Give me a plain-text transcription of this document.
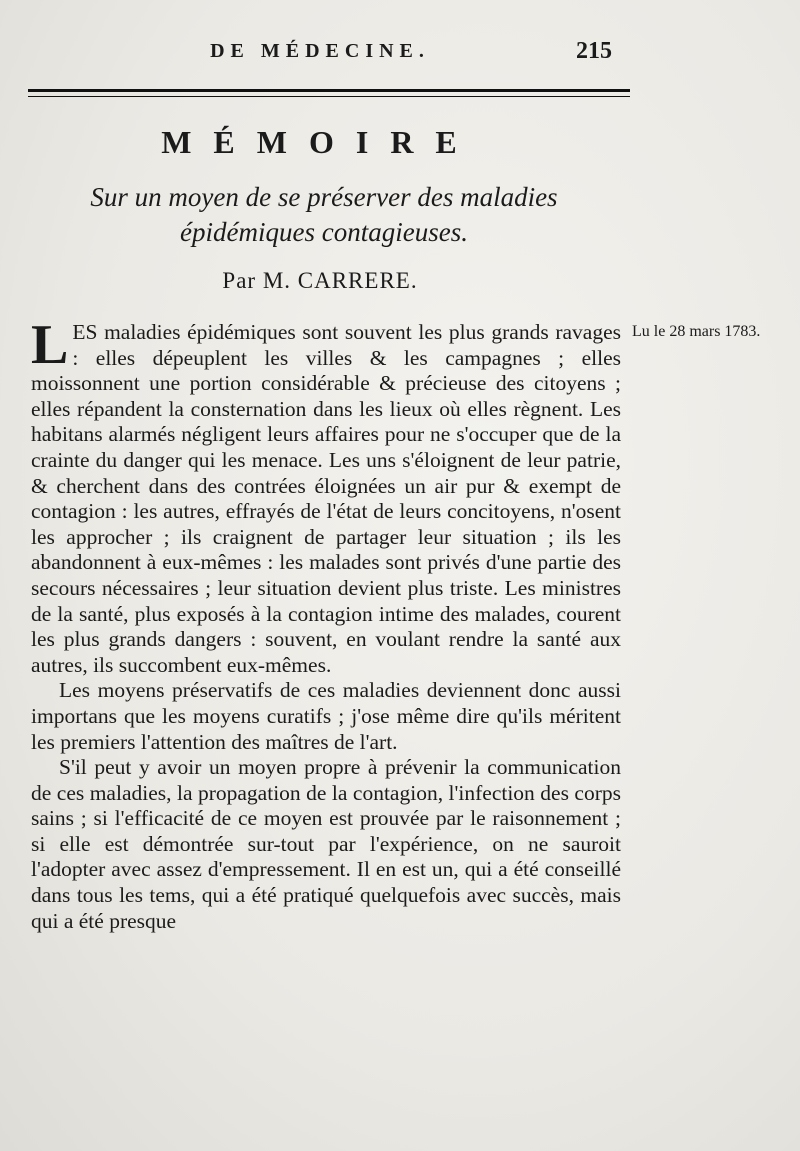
DE MÉDECINE.	215
MÉMOIRE
Sur un moyen de se préserver des maladies épidémiques contagieuses.
Par M. CARRERE.
Lu le 28 mars 1783.

LES maladies épidémiques sont souvent les plus grands ravages : elles dépeuplent les villes & les campagnes ; elles moissonnent une portion considérable & précieuse des citoyens ; elles répandent la consternation dans les lieux où elles règnent. Les habitans alarmés négligent leurs affaires pour ne s'occuper que de la crainte du danger qui les menace. Les uns s'éloignent de leur patrie, & cherchent dans des contrées éloignées un air pur & exempt de contagion : les autres, effrayés de l'état de leurs concitoyens, n'osent les approcher ; ils craignent de partager leur situation ; ils les abandonnent à eux-mêmes : les malades sont privés d'une partie des secours nécessaires ; leur situation devient plus triste. Les ministres de la santé, plus exposés à la contagion intime des malades, courent les plus grands dangers : souvent, en voulant rendre la santé aux autres, ils succombent eux-mêmes.

Les moyens préservatifs de ces maladies deviennent donc aussi importans que les moyens curatifs ; j'ose même dire qu'ils méritent les premiers l'attention des maîtres de l'art.

S'il peut y avoir un moyen propre à prévenir la communication de ces maladies, la propagation de la contagion, l'infection des corps sains ; si l'efficacité de ce moyen est prouvée par le raisonnement ; si elle est démontrée sur-tout par l'expérience, on ne sauroit l'adopter avec assez d'empressement. Il en est un, qui a été conseillé dans tous les tems, qui a été pratiqué quelquefois avec succès, mais qui a été presque
